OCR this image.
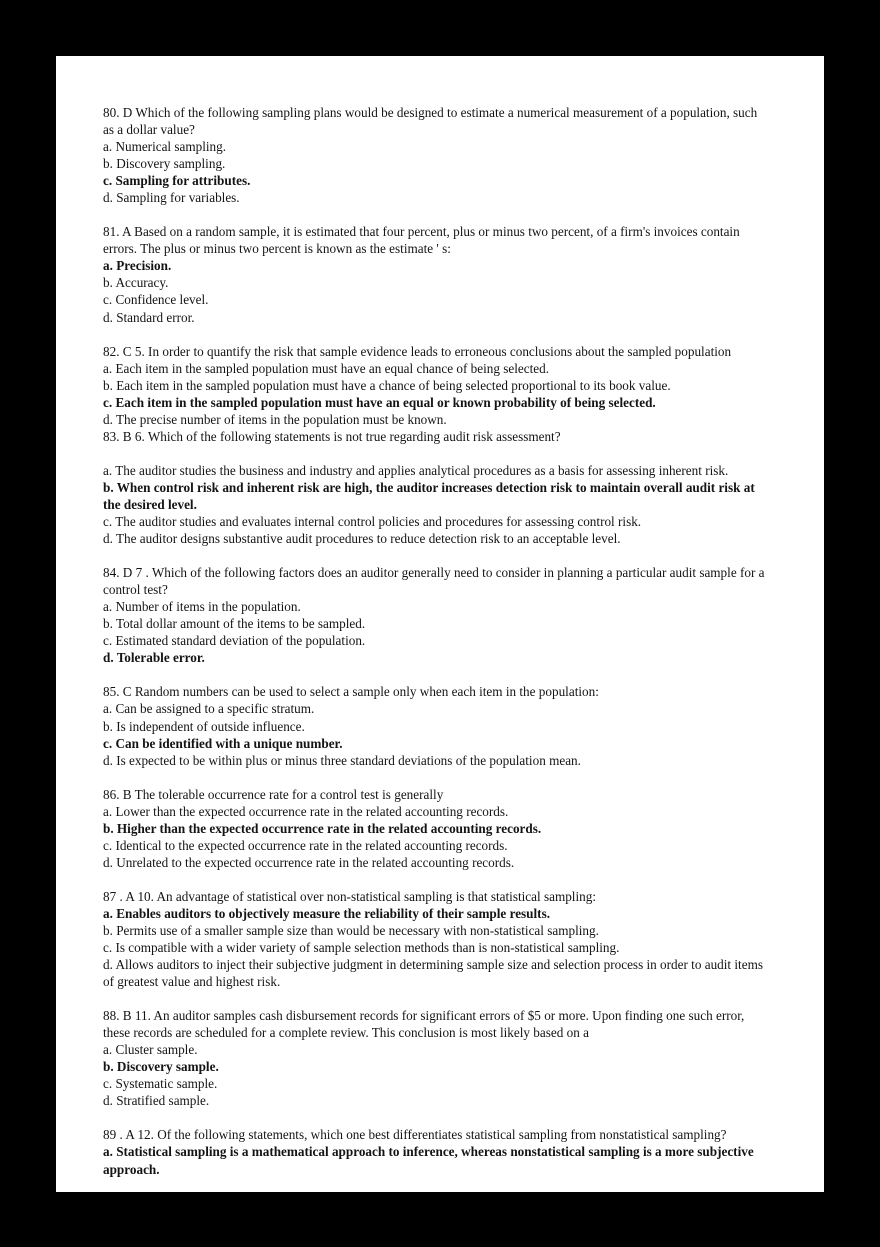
80. D Which of the following sampling plans would be designed to estimate a numerical measurement of a population, such as a dollar value?

a. Numerical sampling.

b. Discovery sampling.

c. Sampling for attributes.

d. Sampling for variables.

81. A Based on a random sample, it is estimated that four percent, plus or minus two percent, of a firm's invoices contain errors. The plus or minus two percent is known as the estimate ' s:

a. Precision.

b. Accuracy.

c. Confidence level.

d. Standard error.

82. C 5. In order to quantify the risk that sample evidence leads to erroneous conclusions about the sampled population

a. Each item in the sampled population must have an equal chance of being selected.

b. Each item in the sampled population must have a chance of being selected proportional to its book value.

c. Each item in the sampled population must have an equal or known probability of being selected.

d. The precise number of items in the population must be known.

83. B 6. Which of the following statements is not true regarding audit risk assessment?

a. The auditor studies the business and industry and applies analytical procedures as a basis for assessing inherent risk.

b. When control risk and inherent risk are high, the auditor increases detection risk to maintain overall audit risk at the desired level.

c. The auditor studies and evaluates internal control policies and procedures for assessing control risk.

d. The auditor designs substantive audit procedures to reduce detection risk to an acceptable level.

84. D 7 . Which of the following factors does an auditor generally need to consider in planning a particular audit sample for a control test?

a. Number of items in the population.

b. Total dollar amount of the items to be sampled.

c. Estimated standard deviation of the population.

d. Tolerable error.

85. C Random numbers can be used to select a sample only when each item in the population:

a. Can be assigned to a specific stratum.

b. Is independent of outside influence.

c. Can be identified with a unique number.

d. Is expected to be within plus or minus three standard deviations of the population mean.

86. B The tolerable occurrence rate for a control test is generally

a. Lower than the expected occurrence rate in the related accounting records.

b. Higher than the expected occurrence rate in the related accounting records.

c. Identical to the expected occurrence rate in the related accounting records.

d. Unrelated to the expected occurrence rate in the related accounting records.

87 . A 10. An advantage of statistical over non-statistical sampling is that statistical sampling:

a. Enables auditors to objectively measure the reliability of their sample results.

b. Permits use of a smaller sample size than would be necessary with non-statistical sampling.

c. Is compatible with a wider variety of sample selection methods than is non-statistical sampling.

d. Allows auditors to inject their subjective judgment in determining sample size and selection process in order to audit items of greatest value and highest risk.

88. B 11. An auditor samples cash disbursement records for significant errors of $5 or more. Upon finding one such error, these records are scheduled for a complete review. This conclusion is most likely based on a

a. Cluster sample.

b. Discovery sample.

c. Systematic sample.

d. Stratified sample.

89 . A 12. Of the following statements, which one best differentiates statistical sampling from nonstatistical sampling?

a. Statistical sampling is a mathematical approach to inference, whereas nonstatistical sampling is a more subjective approach.
